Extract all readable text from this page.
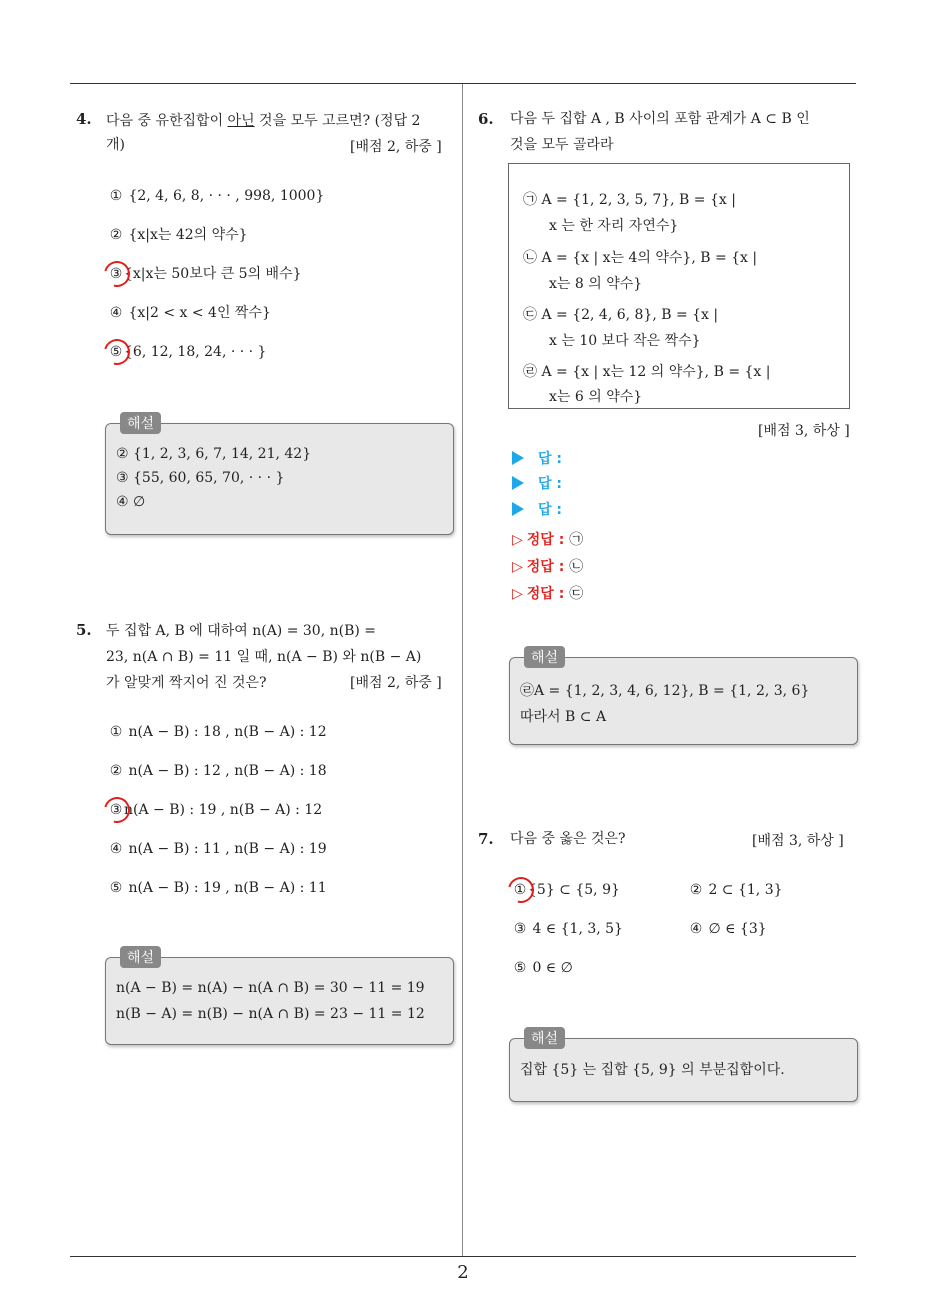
2
4. 다음 중 유한집합이 아닌 것을 모두 고르면? (정답 2
개)	[배점 2, 하중 ]
① {2, 4, 6, 8, · · · , 998, 1000}
② {x|x는 42의 약수}
③ {x|x는 50보다 큰 5의 배수}
④ {x|2 < x < 4인 짝수}
⑤ {6, 12, 18, 24, · · · }
해설
② {1, 2, 3, 6, 7, 14, 21, 42}
③ {55, 60, 65, 70, · · · }
④ ∅
5. 두 집합 A, B 에 대하여 n(A) = 30, n(B) =
23, n(A ∩ B) = 11 일 때, n(A − B) 와 n(B − A)
가 알맞게 짝지어 진 것은?	[배점 2, 하중 ]
① n(A − B) : 18 , n(B − A) : 12
② n(A − B) : 12 , n(B − A) : 18
③ n(A − B) : 19 , n(B − A) : 12
④ n(A − B) : 11 , n(B − A) : 19
⑤ n(A − B) : 19 , n(B − A) : 11
해설
n(A − B) = n(A) − n(A ∩ B) = 30 − 11 = 19
n(B − A) = n(B) − n(A ∩ B) = 23 − 11 = 12
6. 다음 두 집합 A , B 사이의 포함 관계가 A ⊂ B 인
것을 모두 골라라
㉠ A = {1, 2, 3, 5, 7}, B = {x |
x 는 한 자리 자연수}
㉡ A = {x | x는 4의 약수}, B = {x |
x는 8 의 약수}
㉢ A = {2, 4, 6, 8}, B = {x |
x 는 10 보다 작은 짝수}
㉣ A = {x | x는 12 의 약수}, B = {x |
x는 6 의 약수}
[배점 3, 하상 ]
답 :
답 :
답 :
▷ 정답 : ㉠
▷ 정답 : ㉡
▷ 정답 : ㉢
해설
㉣A = {1, 2, 3, 4, 6, 12}, B = {1, 2, 3, 6}
따라서 B ⊂ A
7. 다음 중 옳은 것은?	[배점 3, 하상 ]
① {5} ⊂ {5, 9}	② 2 ⊂ {1, 3}
③ 4 ∈ {1, 3, 5}	④ ∅ ∈ {3}
⑤ 0 ∈ ∅
해설
집합 {5} 는 집합 {5, 9} 의 부분집합이다.
